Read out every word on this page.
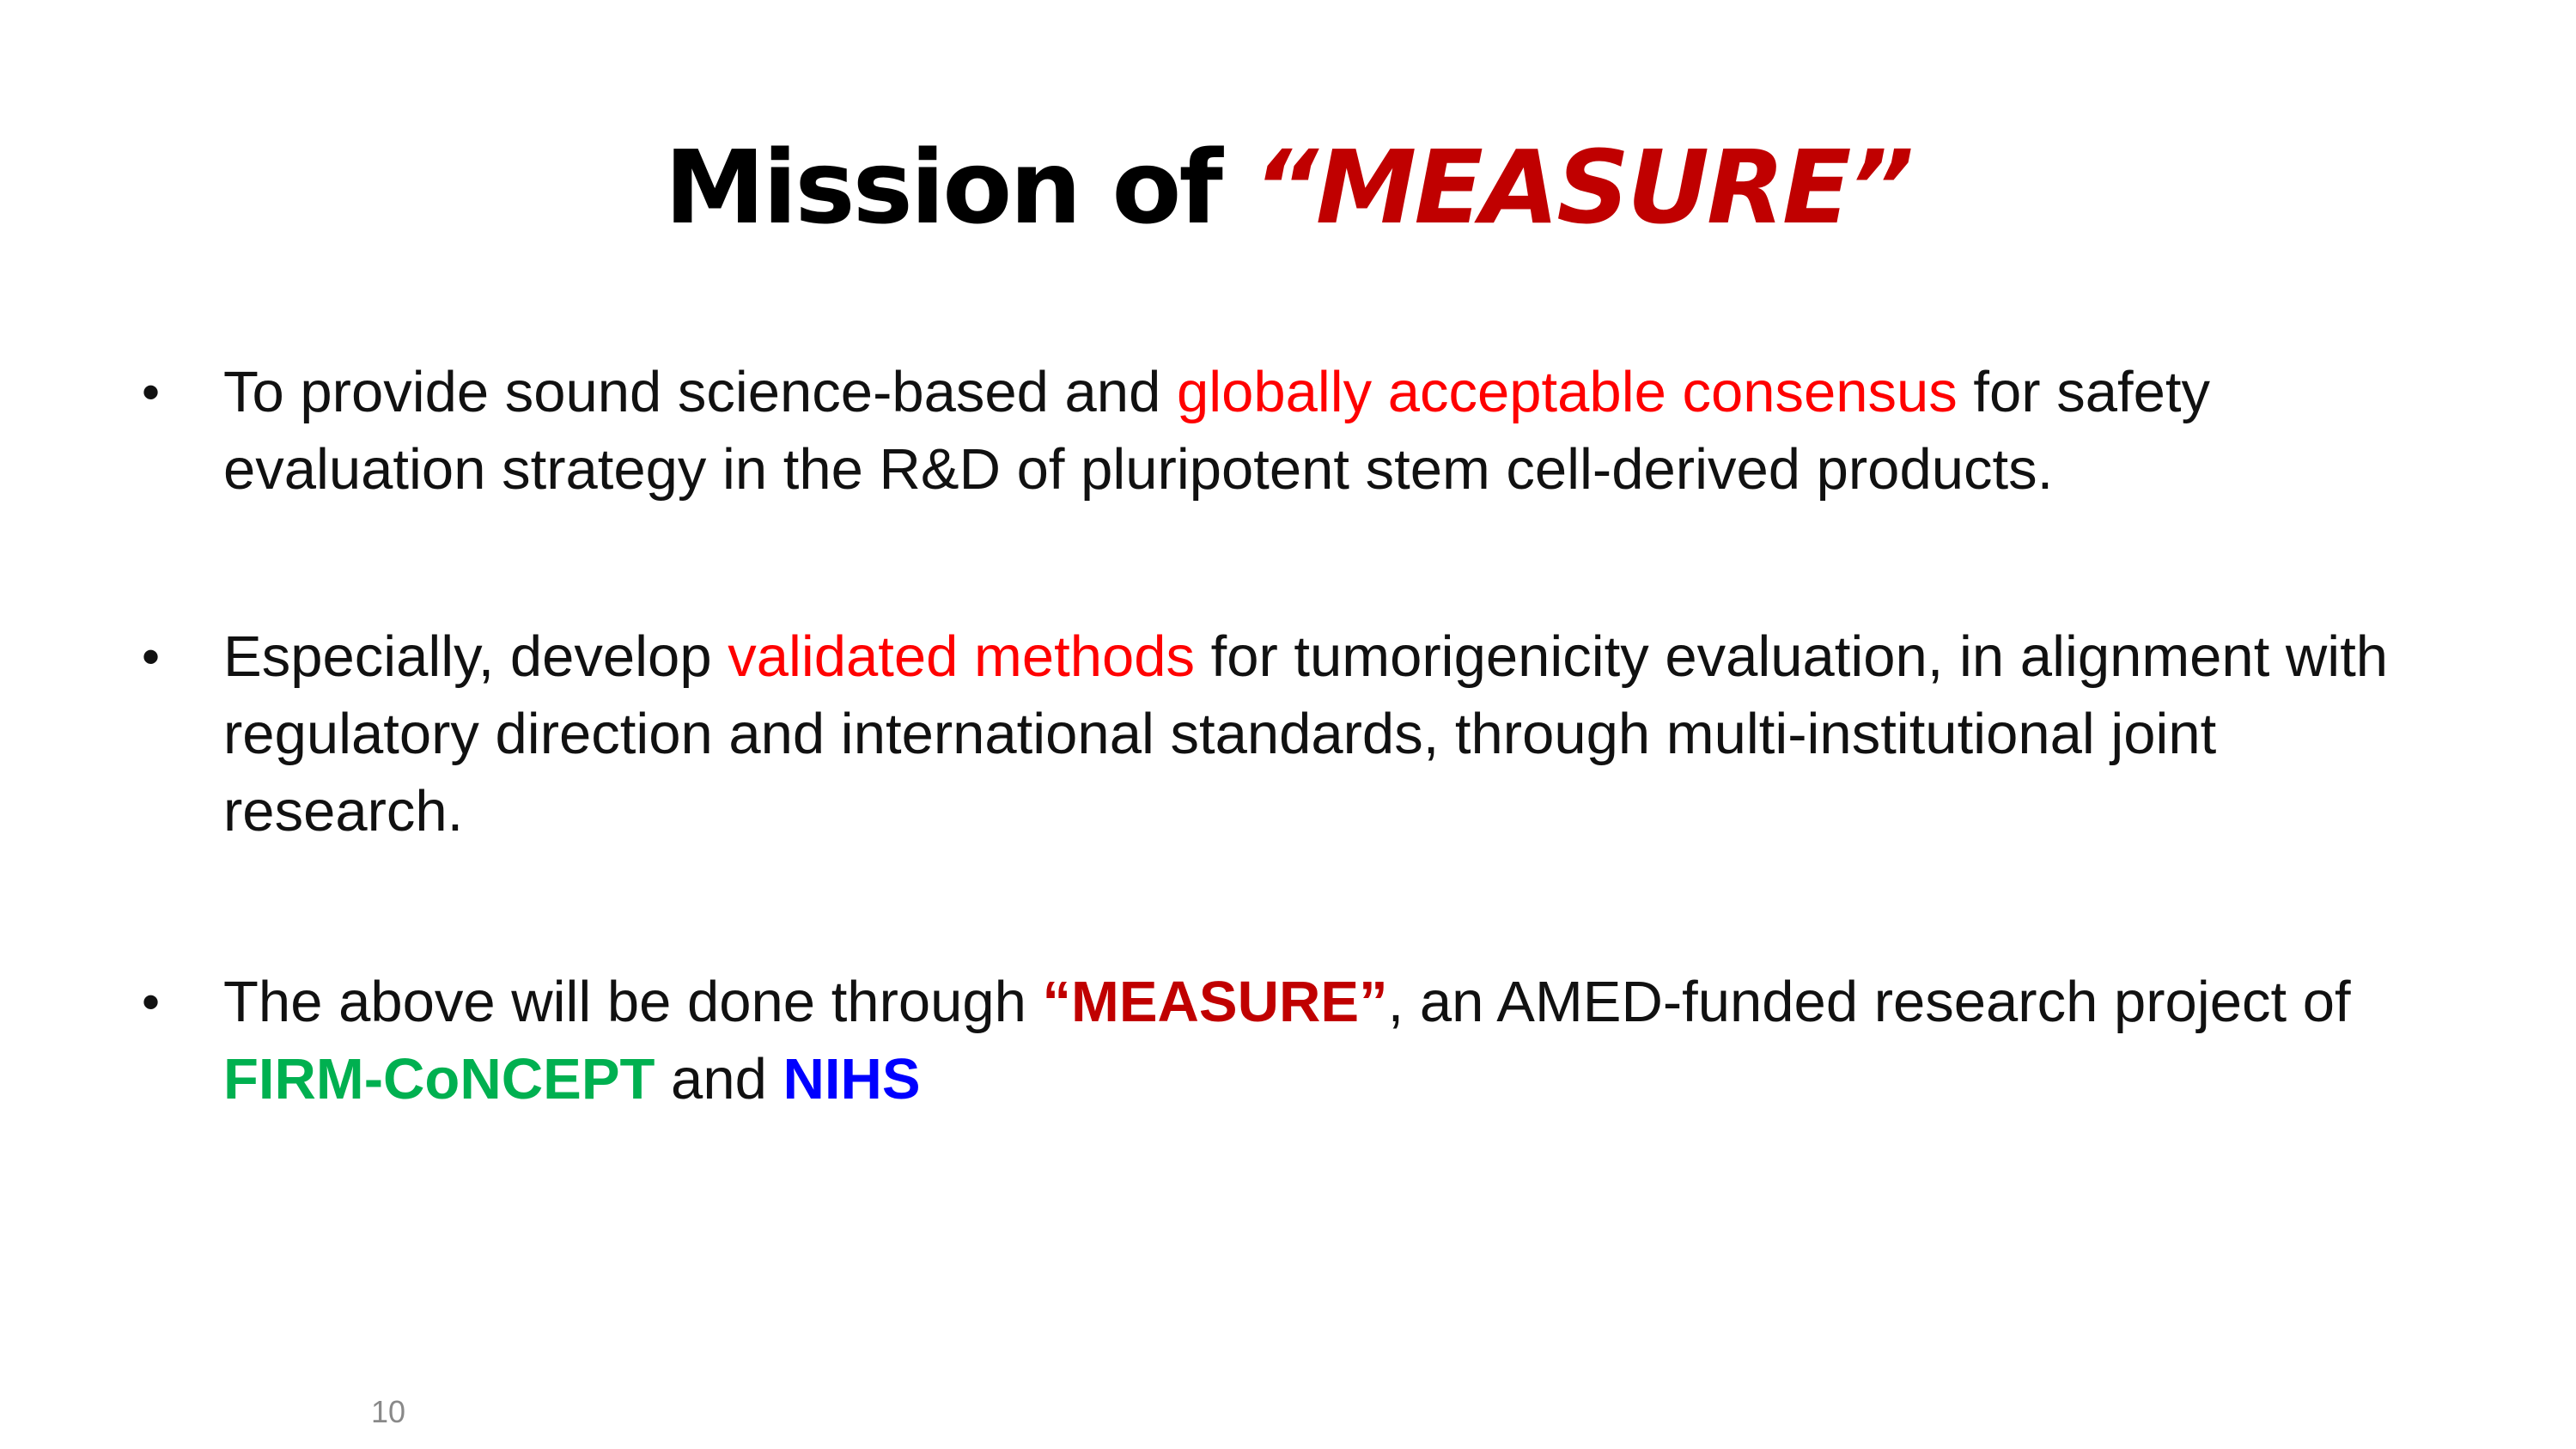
Mission of “MEASURE”
• To provide sound science-based and globally acceptable consensus for safety evaluation strategy in the R&D of pluripotent stem cell-derived products.
• Especially, develop validated methods for tumorigenicity evaluation, in alignment with regulatory direction and international standards, through multi-institutional joint research.
• The above will be done through “MEASURE”, an AMED-funded research project of FIRM-CoNCEPT and NIHS
10
